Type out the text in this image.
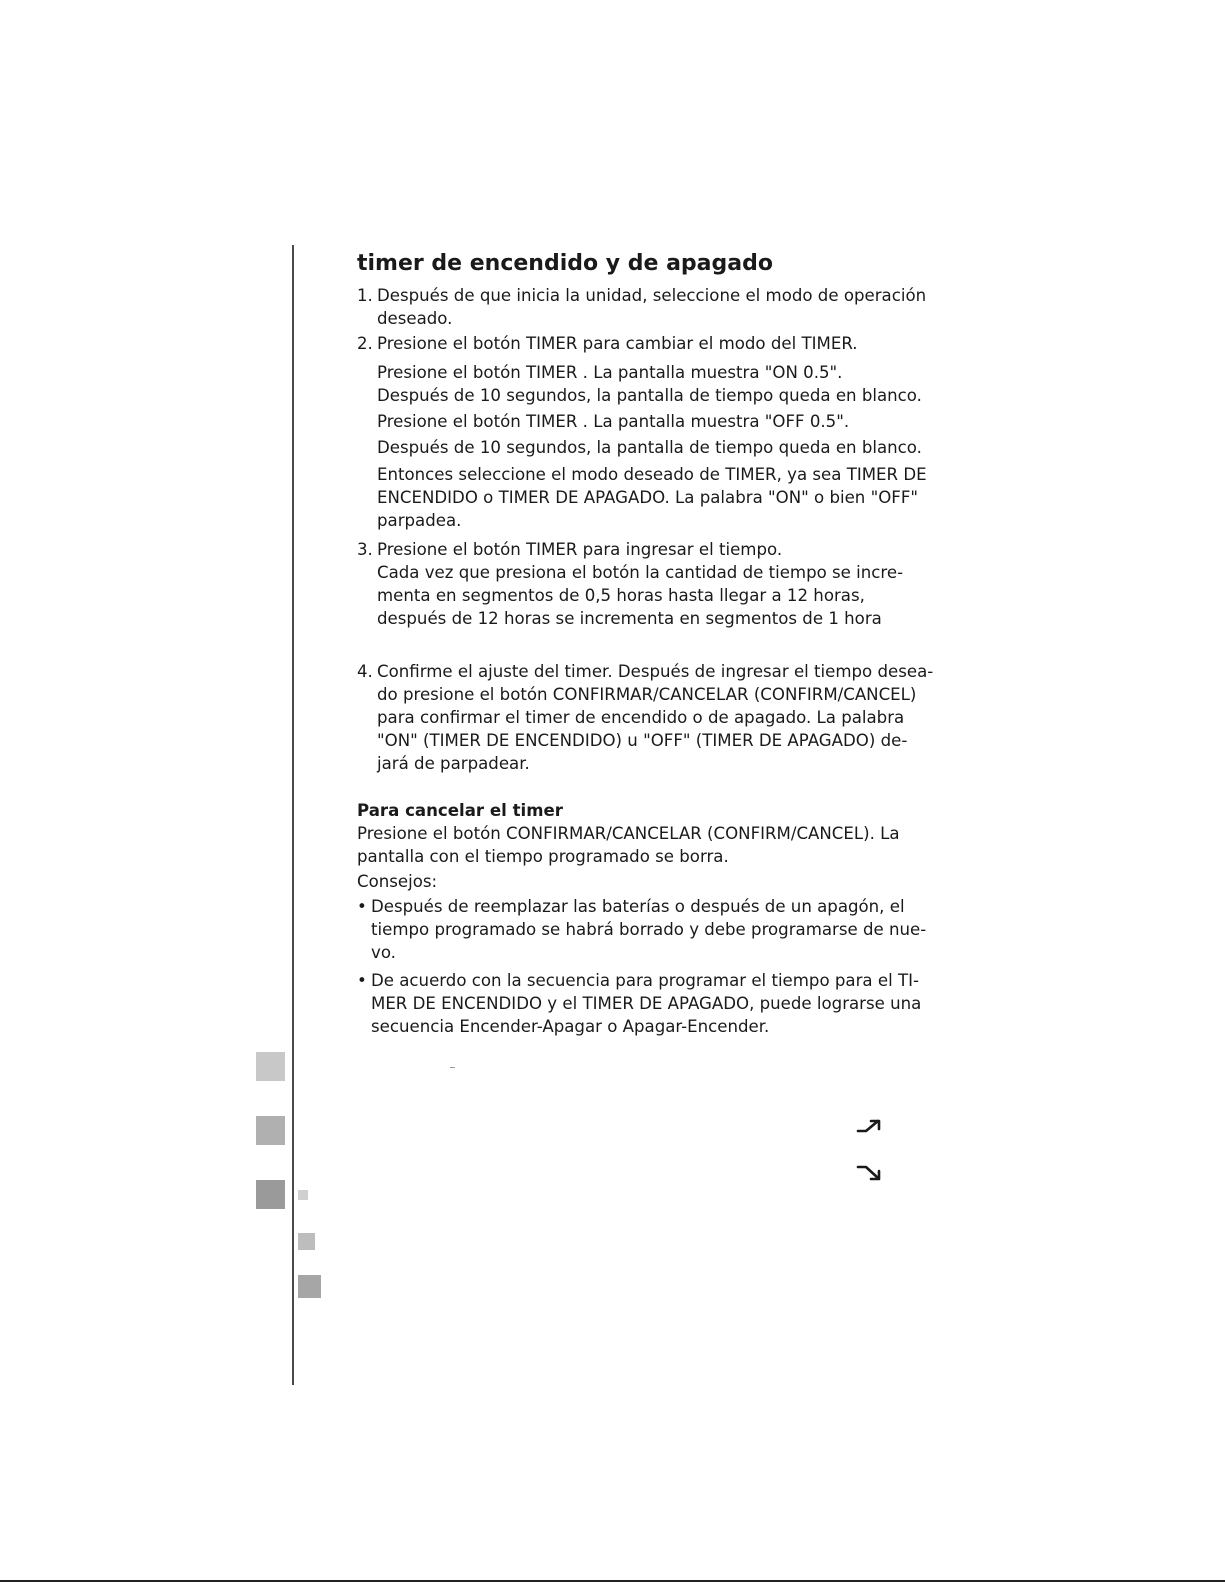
timer de encendido y de apagado
1. Después de que inicia la unidad, seleccione el modo de operación deseado.
2. Presione el botón TIMER para cambiar el modo del TIMER.
Presione el botón TIMER . La pantalla muestra "ON 0.5".
Después de 10 segundos, la pantalla de tiempo queda en blanco.
Presione el botón TIMER . La pantalla muestra "OFF 0.5".
Después de 10 segundos, la pantalla de tiempo queda en blanco.
Entonces seleccione el modo deseado de TIMER, ya sea TIMER DE ENCENDIDO o TIMER DE APAGADO. La palabra "ON" o bien "OFF" parpadea.
3. Presione el botón TIMER para ingresar el tiempo.
Cada vez que presiona el botón la cantidad de tiempo se incre-menta en segmentos de 0,5 horas hasta llegar a 12 horas, después de 12 horas se incrementa en segmentos de 1 hora
4. Confirme el ajuste del timer. Después de ingresar el tiempo desea-do presione el botón CONFIRMAR/CANCELAR (CONFIRM/CANCEL) para confirmar el timer de encendido o de apagado. La palabra "ON" (TIMER DE ENCENDIDO) u "OFF" (TIMER DE APAGADO) de-jará de parpadear.
Para cancelar el timer
Presione el botón CONFIRMAR/CANCELAR (CONFIRM/CANCEL). La pantalla con el tiempo programado se borra.
Consejos:
• Después de reemplazar las baterías o después de un apagón, el tiempo programado se habrá borrado y debe programarse de nue-vo.
• De acuerdo con la secuencia para programar el tiempo para el TI-MER DE ENCENDIDO y el TIMER DE APAGADO, puede lograrse una secuencia Encender-Apagar o Apagar-Encender.
